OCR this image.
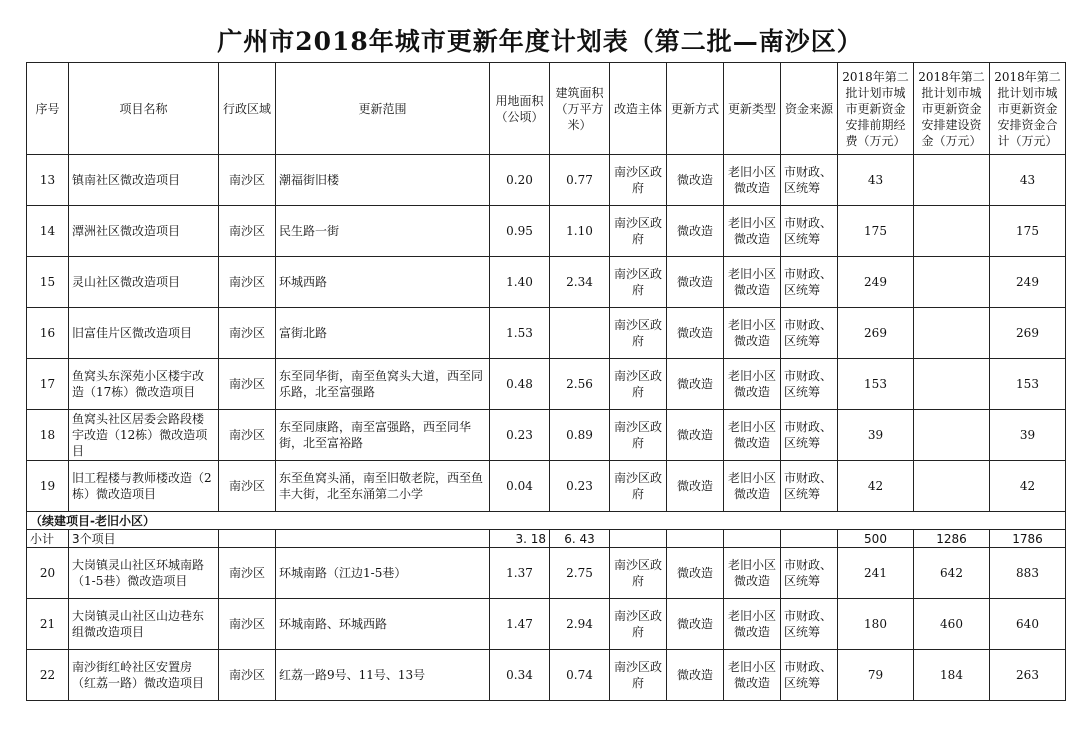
广州市2018年城市更新年度计划表（第二批—南沙区）
序号	项目名称	行政区域	更新范围	用地面积（公顷）	建筑面积（万平方米）	改造主体	更新方式	更新类型	资金来源	2018年第二批计划市城市更新资金安排前期经费（万元）	2018年第二批计划市城市更新资金安排建设资金（万元）	2018年第二批计划市城市更新资金安排资金合计（万元）
13	镇南社区微改造项目	南沙区	潮福街旧楼	0.20	0.77	南沙区政府	微改造	老旧小区微改造	市财政、区统筹	43		43
14	潭洲社区微改造项目	南沙区	民生路一街	0.95	1.10	南沙区政府	微改造	老旧小区微改造	市财政、区统筹	175		175
15	灵山社区微改造项目	南沙区	环城西路	1.40	2.34	南沙区政府	微改造	老旧小区微改造	市财政、区统筹	249		249
16	旧富佳片区微改造项目	南沙区	富街北路	1.53		南沙区政府	微改造	老旧小区微改造	市财政、区统筹	269		269
17	鱼窝头东深苑小区楼宇改造（17栋）微改造项目	南沙区	东至同华街，南至鱼窝头大道，西至同乐路，北至富强路	0.48	2.56	南沙区政府	微改造	老旧小区微改造	市财政、区统筹	153		153
18	鱼窝头社区居委会路段楼宇改造（12栋）微改造项目	南沙区	东至同康路，南至富强路，西至同华街，北至富裕路	0.23	0.89	南沙区政府	微改造	老旧小区微改造	市财政、区统筹	39		39
19	旧工程楼与教师楼改造（2栋）微改造项目	南沙区	东至鱼窝头涌，南至旧敬老院，西至鱼丰大街，北至东涌第二小学	0.04	0.23	南沙区政府	微改造	老旧小区微改造	市财政、区统筹	42		42
（续建项目-老旧小区）												
小计	3个项目			3. 18	6. 43					500	1286	1786
20	大岗镇灵山社区环城南路（1-5巷）微改造项目	南沙区	环城南路（江边1-5巷）	1.37	2.75	南沙区政府	微改造	老旧小区微改造	市财政、区统筹	241	642	883
21	大岗镇灵山社区山边巷东组微改造项目	南沙区	环城南路、环城西路	1.47	2.94	南沙区政府	微改造	老旧小区微改造	市财政、区统筹	180	460	640
22	南沙街红岭社区安置房（红荔一路）微改造项目	南沙区	红荔一路9号、11号、13号	0.34	0.74	南沙区政府	微改造	老旧小区微改造	市财政、区统筹	79	184	263
